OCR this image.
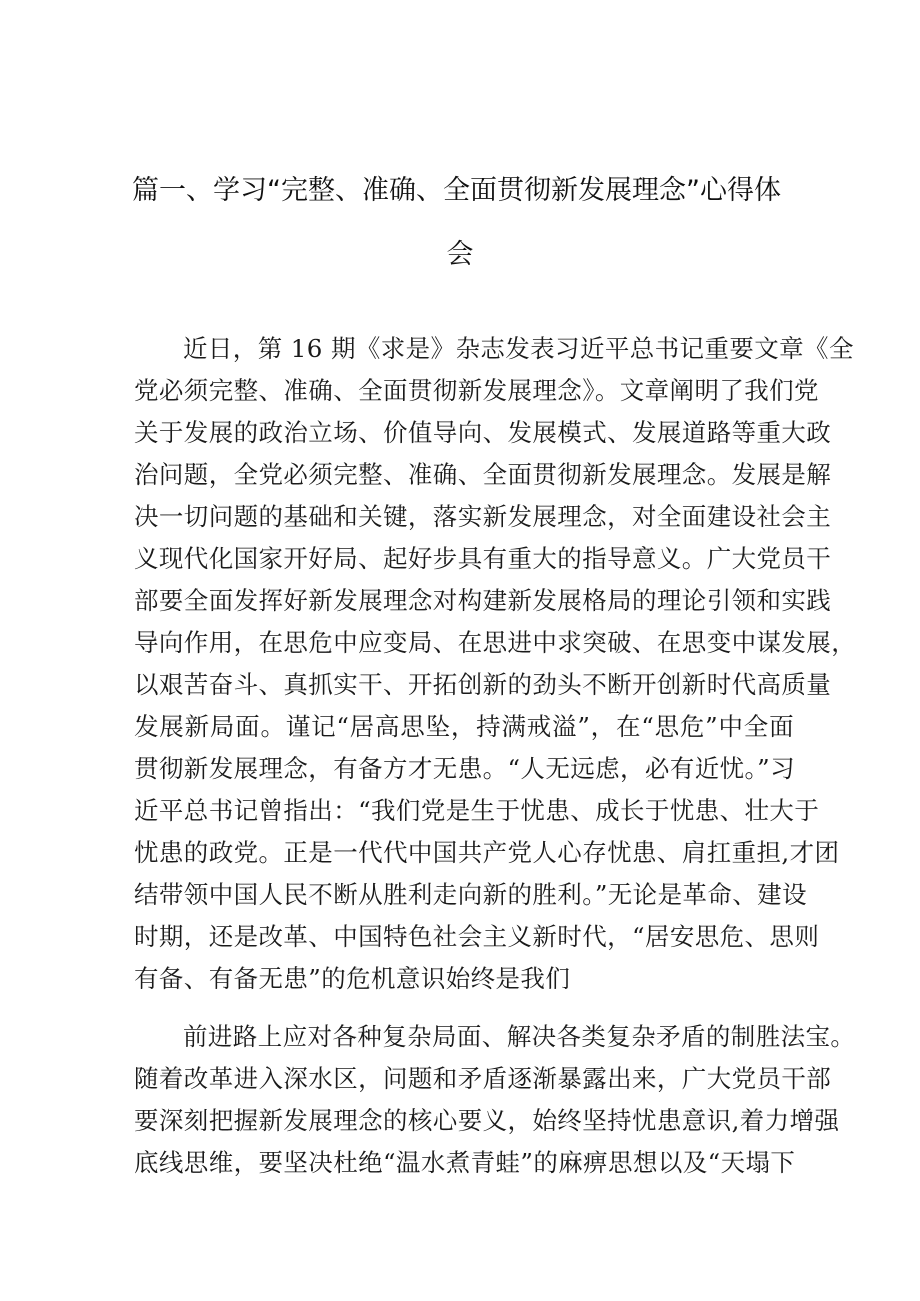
篇一、学习“完整、准确、全面贯彻新发展理念”心得体
会
近日，第 16 期《求是》杂志发表习近平总书记重要文章《全
党必须完整、准确、全面贯彻新发展理念》。文章阐明了我们党
关于发展的政治立场、价值导向、发展模式、发展道路等重大政
治问题，全党必须完整、准确、全面贯彻新发展理念。发展是解
决一切问题的基础和关键，落实新发展理念，对全面建设社会主
义现代化国家开好局、起好步具有重大的指导意义。广大党员干
部要全面发挥好新发展理念对构建新发展格局的理论引领和实践
导向作用，在思危中应变局、在思进中求突破、在思变中谋发展，
以艰苦奋斗、真抓实干、开拓创新的劲头不断开创新时代高质量
发展新局面。谨记“居高思坠，持满戒溢”，在“思危”中全面
贯彻新发展理念，有备方才无患。“人无远虑，必有近忧。”习
近平总书记曾指出：“我们党是生于忧患、成长于忧患、壮大于
忧患的政党。正是一代代中国共产党人心存忧患、肩扛重担,才团
结带领中国人民不断从胜利走向新的胜利。”无论是革命、建设
时期，还是改革、中国特色社会主义新时代，“居安思危、思则
有备、有备无患”的危机意识始终是我们
前进路上应对各种复杂局面、解决各类复杂矛盾的制胜法宝。
随着改革进入深水区，问题和矛盾逐渐暴露出来，广大党员干部
要深刻把握新发展理念的核心要义，始终坚持忧患意识,着力增强
底线思维，要坚决杜绝“温水煮青蛙”的麻痹思想以及“天塌下
